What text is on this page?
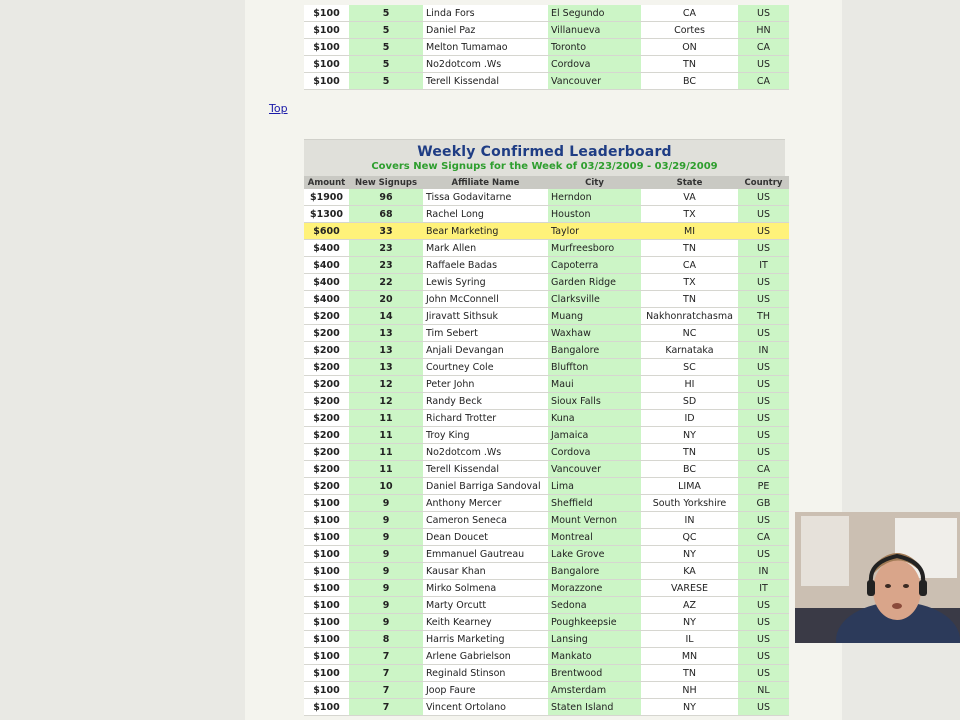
$100	5	Linda Fors	El Segundo	CA	US
$100	5	Daniel Paz	Villanueva	Cortes	HN
$100	5	Melton Tumamao	Toronto	ON	CA
$100	5	No2dotcom .Ws	Cordova	TN	US
$100	5	Terell Kissendal	Vancouver	BC	CA
Top
Weekly Confirmed Leaderboard
Covers New Signups for the Week of 03/23/2009 - 03/29/2009
Amount	New Signups	Affiliate Name	City	State	Country
$1900	96	Tissa Godavitarne	Herndon	VA	US
$1300	68	Rachel Long	Houston	TX	US
$600	33	Bear Marketing	Taylor	MI	US
$400	23	Mark Allen	Murfreesboro	TN	US
$400	23	Raffaele Badas	Capoterra	CA	IT
$400	22	Lewis Syring	Garden Ridge	TX	US
$400	20	John McConnell	Clarksville	TN	US
$200	14	Jiravatt Sithsuk	Muang	Nakhonratchasma	TH
$200	13	Tim Sebert	Waxhaw	NC	US
$200	13	Anjali Devangan	Bangalore	Karnataka	IN
$200	13	Courtney Cole	Bluffton	SC	US
$200	12	Peter John	Maui	HI	US
$200	12	Randy Beck	Sioux Falls	SD	US
$200	11	Richard Trotter	Kuna	ID	US
$200	11	Troy King	Jamaica	NY	US
$200	11	No2dotcom .Ws	Cordova	TN	US
$200	11	Terell Kissendal	Vancouver	BC	CA
$200	10	Daniel Barriga Sandoval	Lima	LIMA	PE
$100	9	Anthony Mercer	Sheffield	South Yorkshire	GB
$100	9	Cameron Seneca	Mount Vernon	IN	US
$100	9	Dean Doucet	Montreal	QC	CA
$100	9	Emmanuel Gautreau	Lake Grove	NY	US
$100	9	Kausar Khan	Bangalore	KA	IN
$100	9	Mirko Solmena	Morazzone	VARESE	IT
$100	9	Marty Orcutt	Sedona	AZ	US
$100	9	Keith Kearney	Poughkeepsie	NY	US
$100	8	Harris Marketing	Lansing	IL	US
$100	7	Arlene Gabrielson	Mankato	MN	US
$100	7	Reginald Stinson	Brentwood	TN	US
$100	7	Joop Faure	Amsterdam	NH	NL
$100	7	Vincent Ortolano	Staten Island	NY	US
